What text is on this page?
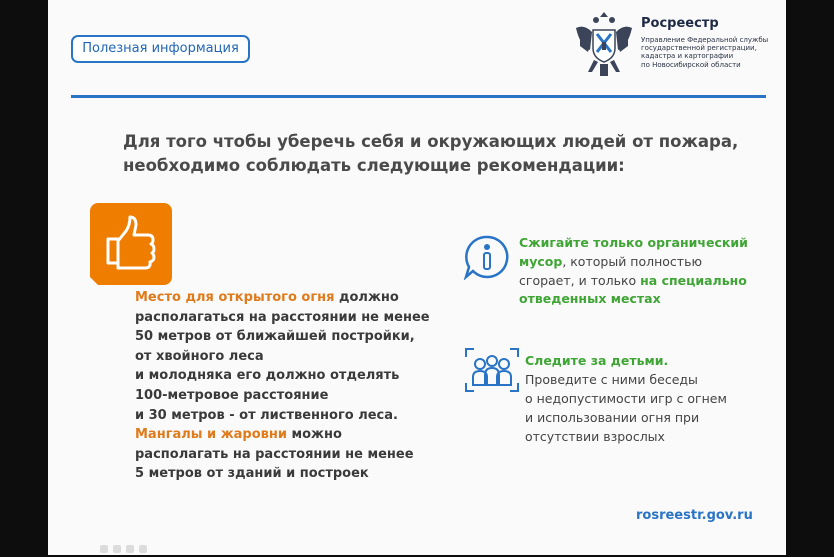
Полезная информация
Росреестр
Управление Федеральной службы
государственной регистрации,
кадастра и картографии
по Новосибирской области
Для того чтобы уберечь себя и окружающих людей от пожара,
необходимо соблюдать следующие рекомендации:
Место для открытого огня должно
располагаться на расстоянии не менее
50 метров от ближайшей постройки,
от хвойного леса
и молодняка его должно отделять
100-метровое расстояние
и 30 метров - от лиственного леса.
Мангалы и жаровни можно
располагать на расстоянии не менее
5 метров от зданий и построек
Сжигайте только органический
мусор, который полностью
сгорает, и только на специально
отведенных местах
Следите за детьми.
Проведите с ними беседы
о недопустимости игр с огнем
и использовании огня при
отсутствии взрослых
rosreestr.gov.ru
